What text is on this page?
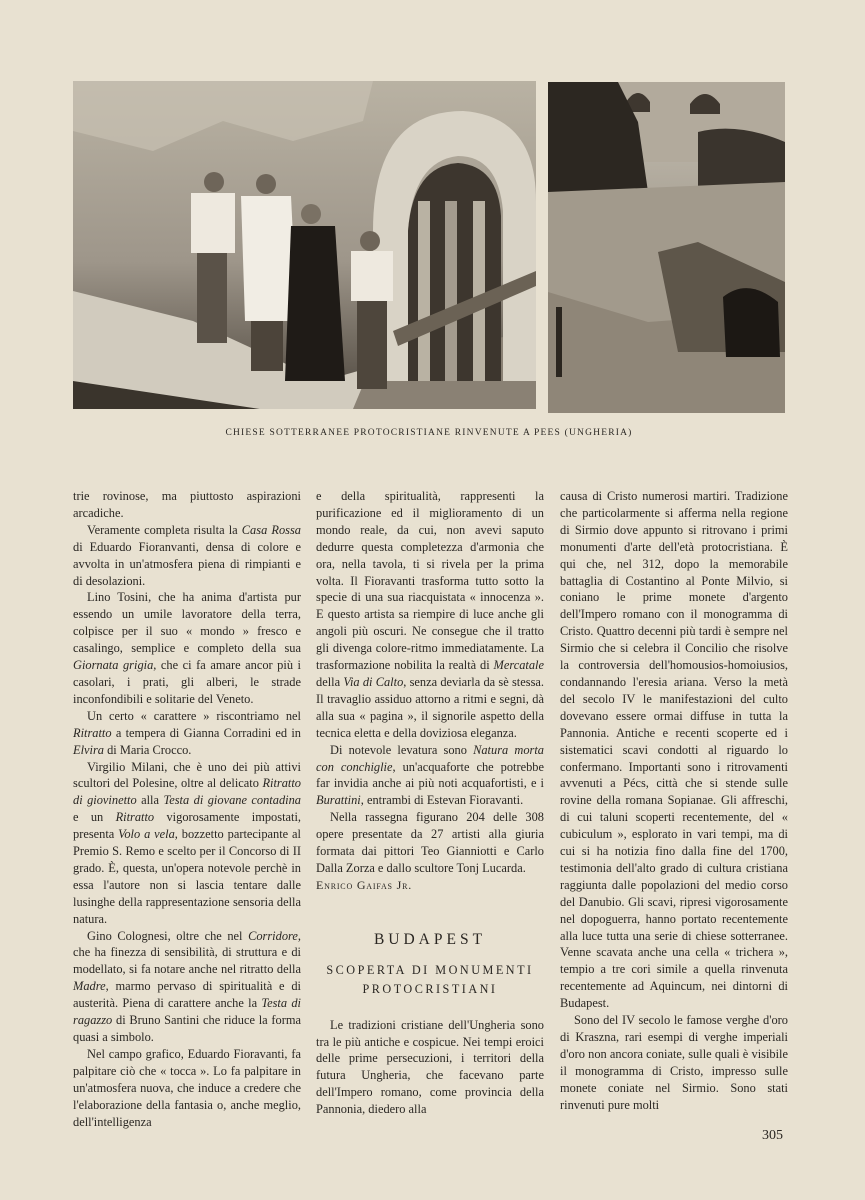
CHIESE SOTTERRANEE PROTOCRISTIANE RINVENUTE A PEES (UNGHERIA)

trie rovinose, ma piuttosto aspirazioni arcadiche.

Veramente completa risulta la Casa Rossa di Eduardo Fioranvanti, densa di colore e avvolta in un'atmosfera piena di rimpianti e di desolazioni.

Lino Tosini, che ha anima d'artista pur essendo un umile lavoratore della terra, colpisce per il suo « mondo » fresco e casalingo, semplice e completo della sua Giornata grigia, che ci fa amare ancor più i casolari, i prati, gli alberi, le strade inconfondibili e solitarie del Veneto.

Un certo « carattere » riscontriamo nel Ritratto a tempera di Gianna Corradini ed in Elvira di Maria Crocco.

Virgilio Milani, che è uno dei più attivi scultori del Polesine, oltre al delicato Ritratto di giovinetto alla Testa di giovane contadina e un Ritratto vigorosamente impostati, presenta Volo a vela, bozzetto partecipante al Premio S. Remo e scelto per il Concorso di II grado. È, questa, un'opera notevole perchè in essa l'autore non si lascia tentare dalle lusinghe della rappresentazione sensoria della natura.

Gino Colognesi, oltre che nel Corridore, che ha finezza di sensibilità, di struttura e di modellato, si fa notare anche nel ritratto della Madre, marmo pervaso di spiritualità e di austerità. Piena di carattere anche la Testa di ragazzo di Bruno Santini che riduce la forma quasi a simbolo.

Nel campo grafico, Eduardo Fioravanti, fa palpitare ciò che « tocca ». Lo fa palpitare in un'atmosfera nuova, che induce a credere che l'elaborazione della fantasia o, anche meglio, dell'intelligenza

e della spiritualità, rappresenti la purificazione ed il miglioramento di un mondo reale, da cui, non avevi saputo dedurre questa completezza d'armonia che ora, nella tavola, ti si rivela per la prima volta. Il Fioravanti trasforma tutto sotto la specie di una sua riacquistata « innocenza ». E questo artista sa riempire di luce anche gli angoli più oscuri. Ne consegue che il tratto gli divenga colore-ritmo immediatamente. La trasformazione nobilita la realtà di Mercatale della Via di Calto, senza deviarla da sè stessa. Il travaglio assiduo attorno a ritmi e segni, dà alla sua « pagina », il signorile aspetto della tecnica eletta e della doviziosa eleganza.

Di notevole levatura sono Natura morta con conchiglie, un'acquaforte che potrebbe far invidia anche ai più noti acquafortisti, e i Burattini, entrambi di Estevan Fioravanti.

Nella rassegna figurano 204 delle 308 opere presentate da 27 artisti alla giuria formata dai pittori Teo Gianniotti e Carlo Dalla Zorza e dallo scultore Tonj Lucarda.

Enrico Gaifas Jr.

BUDAPEST
SCOPERTA DI MONUMENTI PROTOCRISTIANI

Le tradizioni cristiane dell'Ungheria sono tra le più antiche e cospicue. Nei tempi eroici delle prime persecuzioni, i territori della futura Ungheria, che facevano parte dell'Impero romano, come provincia della Pannonia, diedero alla

causa di Cristo numerosi martiri. Tradizione che particolarmente si afferma nella regione di Sirmio dove appunto si ritrovano i primi monumenti d'arte dell'età protocristiana. È qui che, nel 312, dopo la memorabile battaglia di Costantino al Ponte Milvio, si coniano le prime monete d'argento dell'Impero romano con il monogramma di Cristo. Quattro decenni più tardi è sempre nel Sirmio che si celebra il Concilio che risolve la controversia dell'homousios-homoiusios, condannando l'eresia ariana. Verso la metà del secolo IV le manifestazioni del culto dovevano essere ormai diffuse in tutta la Pannonia. Antiche e recenti scoperte ed i sistematici scavi condotti al riguardo lo confermano. Importanti sono i ritrovamenti avvenuti a Pécs, città che si stende sulle rovine della romana Sopianae. Gli affreschi, di cui taluni scoperti recentemente, del « cubiculum », esplorato in vari tempi, ma di cui si ha notizia fino dalla fine del 1700, testimonia dell'alto grado di cultura cristiana raggiunta dalle popolazioni del medio corso del Danubio. Gli scavi, ripresi vigorosamente nel dopoguerra, hanno portato recentemente alla luce tutta una serie di chiese sotterranee. Venne scavata anche una cella « trichera », tempio a tre cori simile a quella rinvenuta recentemente ad Aquincum, nei dintorni di Budapest.

Sono del IV secolo le famose verghe d'oro di Kraszna, rari esempi di verghe imperiali d'oro non ancora coniate, sulle quali è visibile il monogramma di Cristo, impresso sulle monete coniate nel Sirmio. Sono stati rinvenuti pure molti

305
